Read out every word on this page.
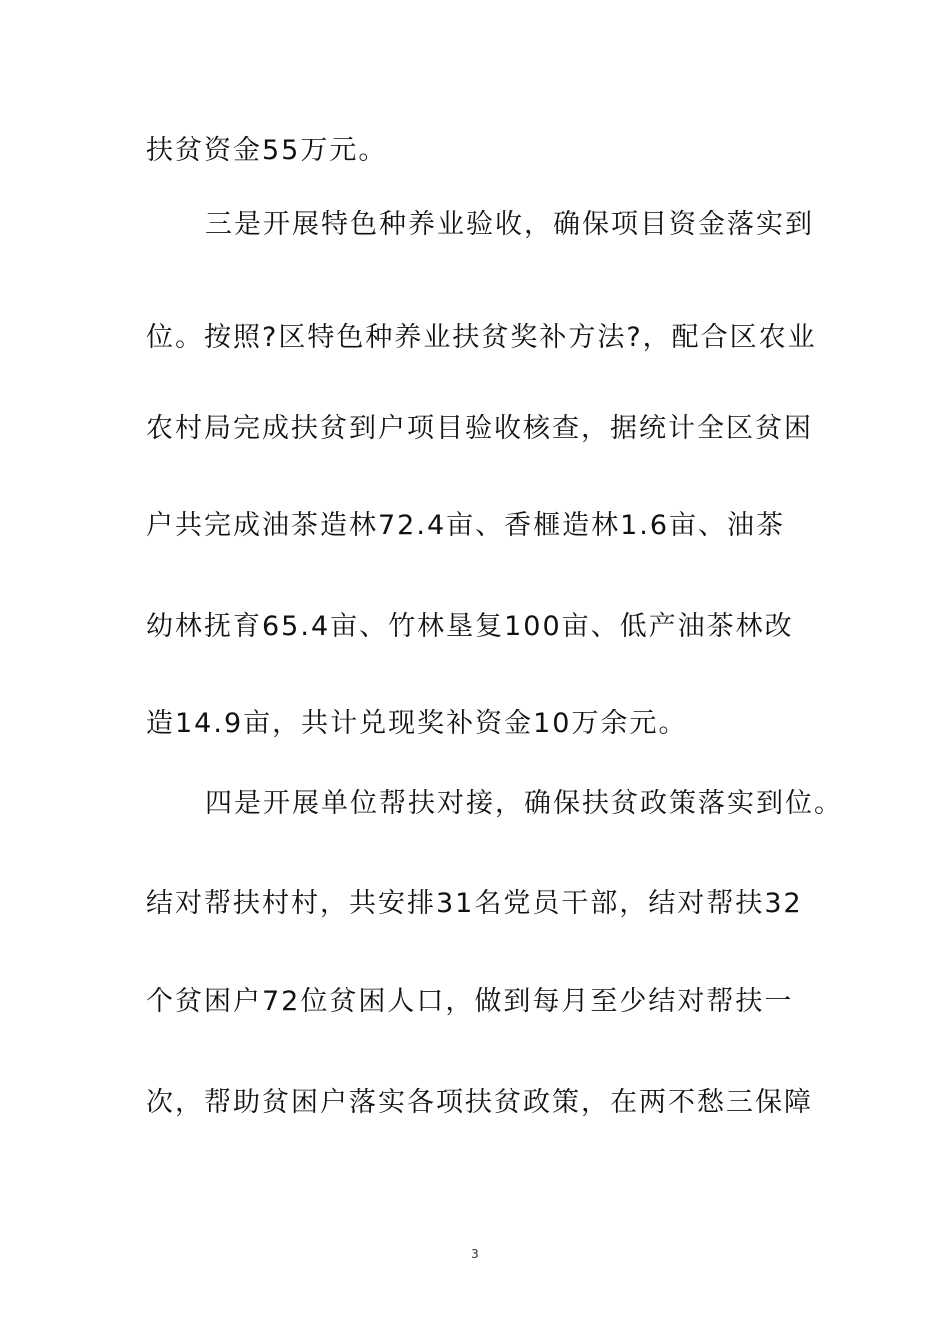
扶贫资金55万元。
三是开展特色种养业验收，确保项目资金落实到
位。按照?区特色种养业扶贫奖补方法?，配合区农业
农村局完成扶贫到户项目验收核查，据统计全区贫困
户共完成油茶造林72.4亩、香榧造林1.6亩、油茶
幼林抚育65.4亩、竹林垦复100亩、低产油茶林改
造14.9亩，共计兑现奖补资金10万余元。
四是开展单位帮扶对接，确保扶贫政策落实到位。
结对帮扶村村，共安排31名党员干部，结对帮扶32
个贫困户72位贫困人口，做到每月至少结对帮扶一
次，帮助贫困户落实各项扶贫政策，在两不愁三保障
3
